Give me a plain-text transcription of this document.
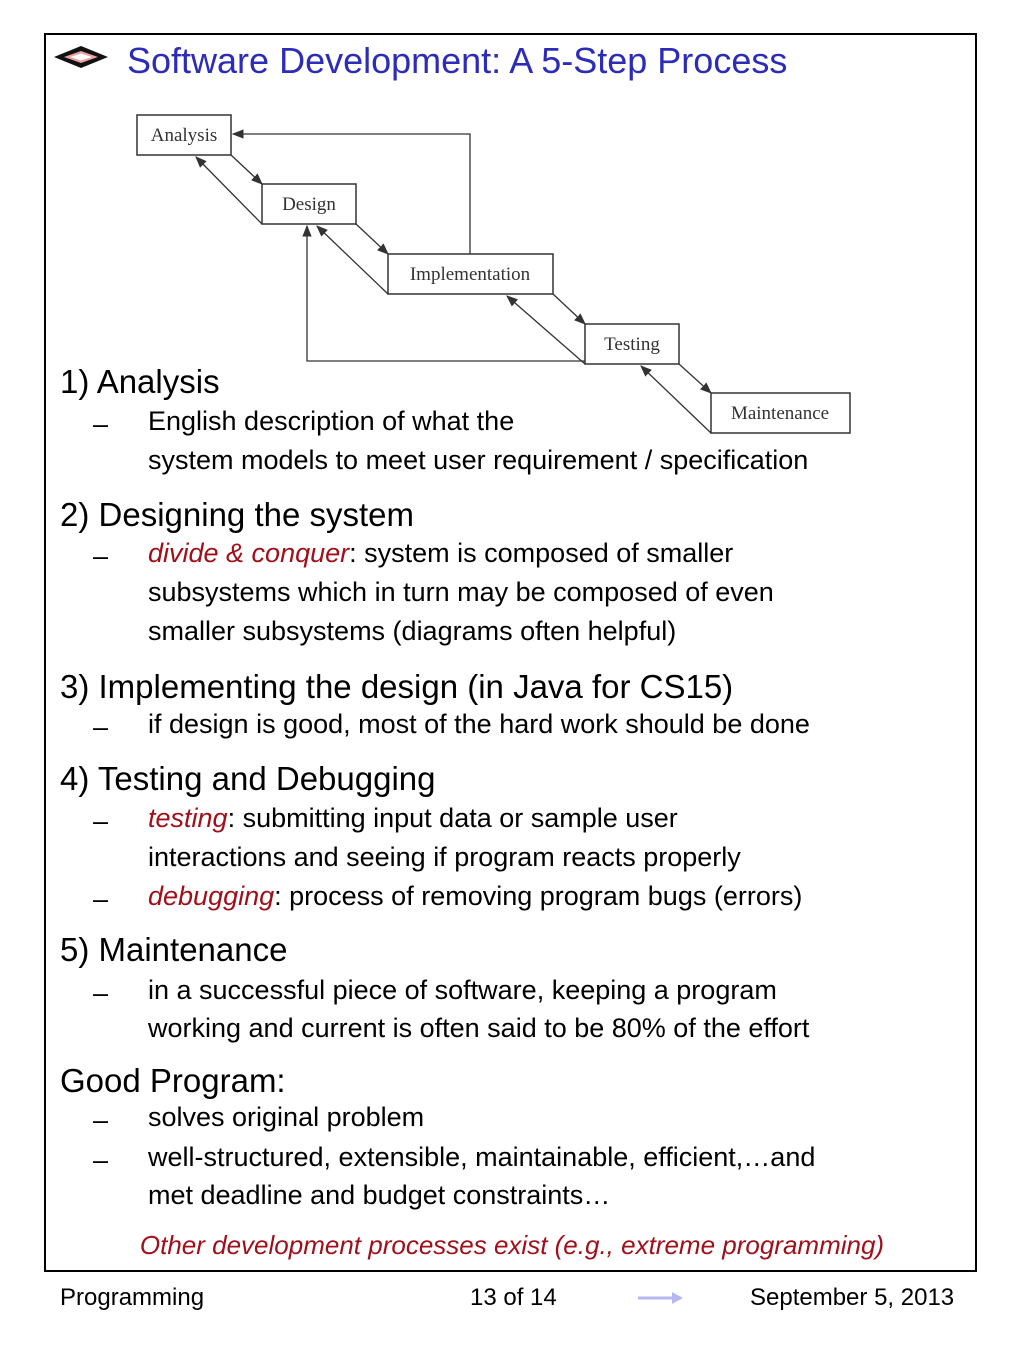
Software Development: A 5-Step Process
Analysis
Design
Implementation
Testing
Maintenance
1) Analysis
– English description of what the
system models to meet user requirement / specification
2) Designing the system
– divide & conquer: system is composed of smaller
subsystems which in turn may be composed of even
smaller subsystems (diagrams often helpful)
3) Implementing the design (in Java for CS15)
– if design is good, most of the hard work should be done
4) Testing and Debugging
– testing: submitting input data or sample user
interactions and seeing if program reacts properly
– debugging: process of removing program bugs (errors)
5) Maintenance
– in a successful piece of software, keeping a program
working and current is often said to be 80% of the effort
Good Program:
– solves original problem
– well-structured, extensible, maintainable, efficient,…and
met deadline and budget constraints…
Other development processes exist (e.g., extreme programming)
Programming	13 of 14	September 5, 2013
